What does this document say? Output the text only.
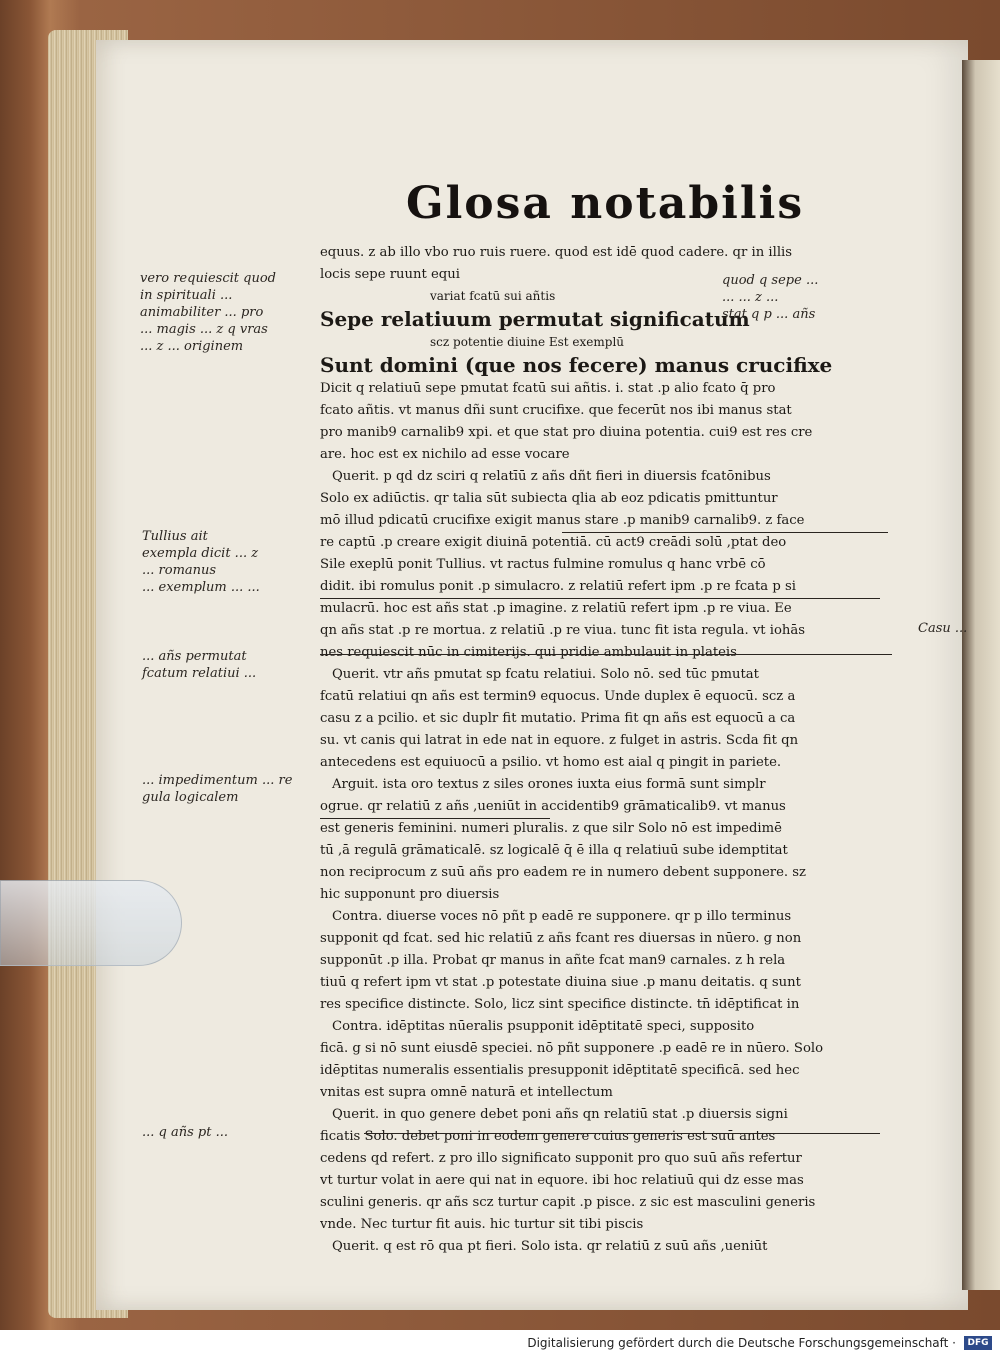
Glosa notabilis
equus. z ab illo vbo ruo ruis ruere. quod est idē quod cadere. qr in illis
locis sepe ruunt equi
variat fcatū sui añtis
Sepe relatiuum permutat significatum
scz potentie diuine Est exemplū
Sunt domini (que nos fecere) manus crucifixe
Dicit q relatiuū sepe pmutat fcatū sui añtis. i. stat .p alio fcato q̄ pro
fcato añtis. vt manus dñi sunt crucifixe. que fecerūt nos ibi manus stat
pro manib9 carnalib9 xpi. et que stat pro diuina potentia. cui9 est res cre
are. hoc est ex nichilo ad esse vocare
Querit. p qd dz sciri q relatīū z añs dñt fieri in diuersis fcatōnibus
Solo ex adiūctis. qr talia sūt subiecta qlia ab eoz pdicatis pmittuntur
mō illud pdicatū crucifixe exigit manus stare .p manib9 carnalib9. z face
re captū .p creare exigit diuinā potentiā. cū act9 creādi solū ,ptat deo
Sile exeplū ponit Tullius. vt ractus fulmine romulus q hanc vrbē cō
didit. ibi romulus ponit .p simulacro. z relatiū refert ipm .p re fcata p si
mulacrū. hoc est añs stat .p imagine. z relatiū refert ipm .p re viua. Ee
qn añs stat .p re mortua. z relatiū .p re viua. tunc fit ista regula. vt iohās
nes requiescit nūc in cimiterijs. qui pridie ambulauit in plateis
Querit. vtr añs pmutat sp fcatu relatiui. Solo nō. sed tūc pmutat
fcatū relatiui qn añs est termin9 equocus. Unde duplex ē equocū. scz a
casu z a pcilio. et sic duplr fit mutatio. Prima fit qn añs est equocū a ca
su. vt canis qui latrat in ede nat in equore. z fulget in astris. Scda fit qn
antecedens est equiuocū a psilio. vt homo est aial q pingit in pariete.
Arguit. ista oro textus z siles orones iuxta eius formā sunt simplr
ogrue. qr relatiū z añs ,ueniūt in accidentib9 grāmaticalib9. vt manus
est generis feminini. numeri pluralis. z que silr Solo nō est impedimē
tū ,ā regulā grāmaticalē. sz logicalē q̄ ē illa q relatiuū sube idemptitat
non reciprocum z suū añs pro eadem re in numero debent supponere. sz
hic supponunt pro diuersis
Contra. diuerse voces nō pñt p eadē re supponere. qr p illo terminus
supponit qd fcat. sed hic relatiū z añs fcant res diuersas in nūero. g non
supponūt .p illa. Probat qr manus in añte fcat man9 carnales. z h rela
tiuū q refert ipm vt stat .p potestate diuina siue .p manu deitatis. q sunt
res specifice distincte. Solo, licz sint specifice distincte. tn̄ idēptificat in
Contra. idēptitas nūeralis psupponit idēptitatē speci, supposito
ficā. g si nō sunt eiusdē speciei. nō pñt supponere .p eadē re in nūero. Solo
idēptitas numeralis essentialis presupponit idēptitatē specificā. sed hec
vnitas est supra omnē naturā et intellectum
Querit. in quo genere debet poni añs qn relatiū stat .p diuersis signi
ficatis Solo. debet poni in eodem genere cuius generis est suū antes
cedens qd refert. z pro illo significato supponit pro quo suū añs refertur
vt turtur volat in aere qui nat in equore. ibi hoc relatiuū qui dz esse mas
sculini generis. qr añs scz turtur capit .p pisce. z sic est masculini generis
vnde. Nec turtur fit auis. hic turtur sit tibi piscis
Querit. q est rō qua pt fieri. Solo ista. qr relatiū z suū añs ,ueniūt
vero requiescit quod
in spirituali ...
animabiliter ... pro
... magis ... z q vras
... z ... originem
quod q sepe ...
... ... z ...
stat q p ... añs
Tullius ait
exempla dicit ... z
... romanus
... exemplum ... ...
... añs permutat
fcatum relatiui ...
... impedimentum ... re
gula logicalem
... q añs pt ...
Casu ...
Digitalisierung gefördert durch die Deutsche Forschungsgemeinschaft ·	DFG
